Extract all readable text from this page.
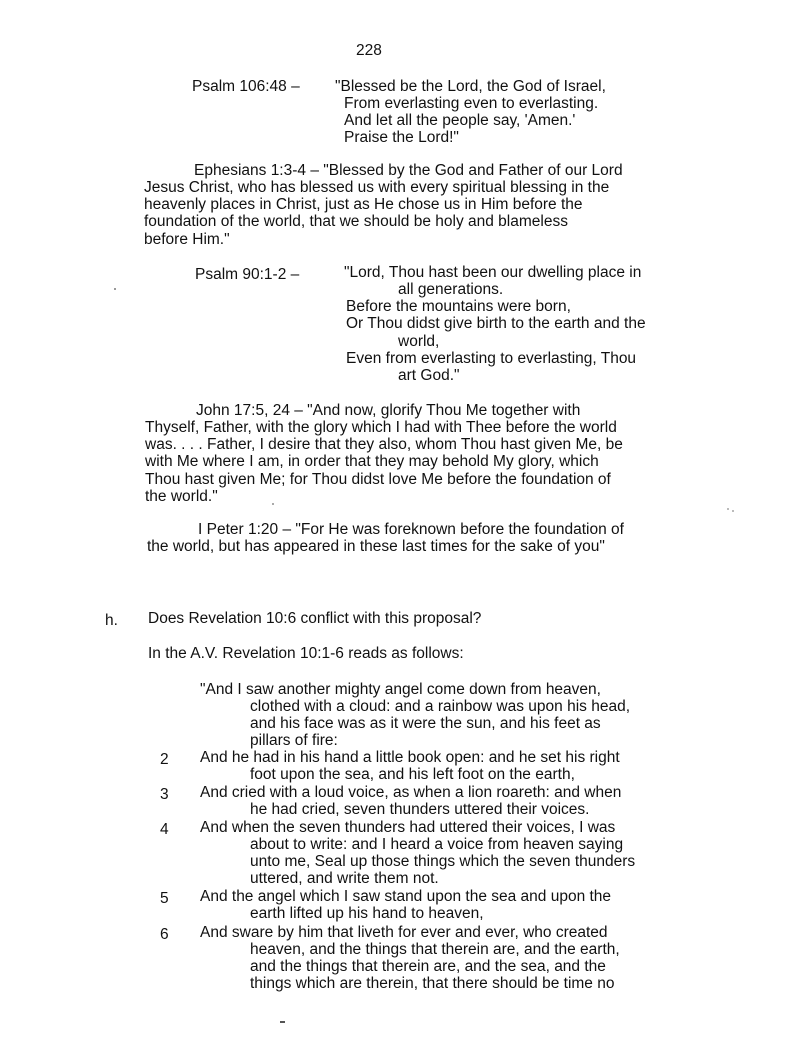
228
Psalm 106:48 – "Blessed be the Lord, the God of Israel,
From everlasting even to everlasting.
And let all the people say, 'Amen.'
Praise the Lord!"
Ephesians 1:3-4 – "Blessed by the God and Father of our Lord
Jesus Christ, who has blessed us with every spiritual blessing in the
heavenly places in Christ, just as He chose us in Him before the
foundation of the world, that we should be holy and blameless
before Him."
Psalm 90:1-2 –	"Lord, Thou hast been our dwelling place in
all generations.
Before the mountains were born,
Or Thou didst give birth to the earth and the
world,
Even from everlasting to everlasting, Thou
art God."
John 17:5, 24 – "And now, glorify Thou Me together with
Thyself, Father, with the glory which I had with Thee before the world
was. . . . Father, I desire that they also, whom Thou hast given Me, be
with Me where I am, in order that they may behold My glory, which
Thou hast given Me; for Thou didst love Me before the foundation of
the world."
I Peter 1:20 – "For He was foreknown before the foundation of
the world, but has appeared in these last times for the sake of you"
h. Does Revelation 10:6 conflict with this proposal?
In the A.V. Revelation 10:1-6 reads as follows:
"And I saw another mighty angel come down from heaven,
clothed with a cloud: and a rainbow was upon his head,
and his face was as it were the sun, and his feet as
pillars of fire:
2	And he had in his hand a little book open: and he set his right
foot upon the sea, and his left foot on the earth,
3	And cried with a loud voice, as when a lion roareth: and when
he had cried, seven thunders uttered their voices.
4	And when the seven thunders had uttered their voices, I was
about to write: and I heard a voice from heaven saying
unto me, Seal up those things which the seven thunders
uttered, and write them not.
5	And the angel which I saw stand upon the sea and upon the
earth lifted up his hand to heaven,
6	And sware by him that liveth for ever and ever, who created
heaven, and the things that therein are, and the earth,
and the things that therein are, and the sea, and the
things which are therein, that there should be time no
